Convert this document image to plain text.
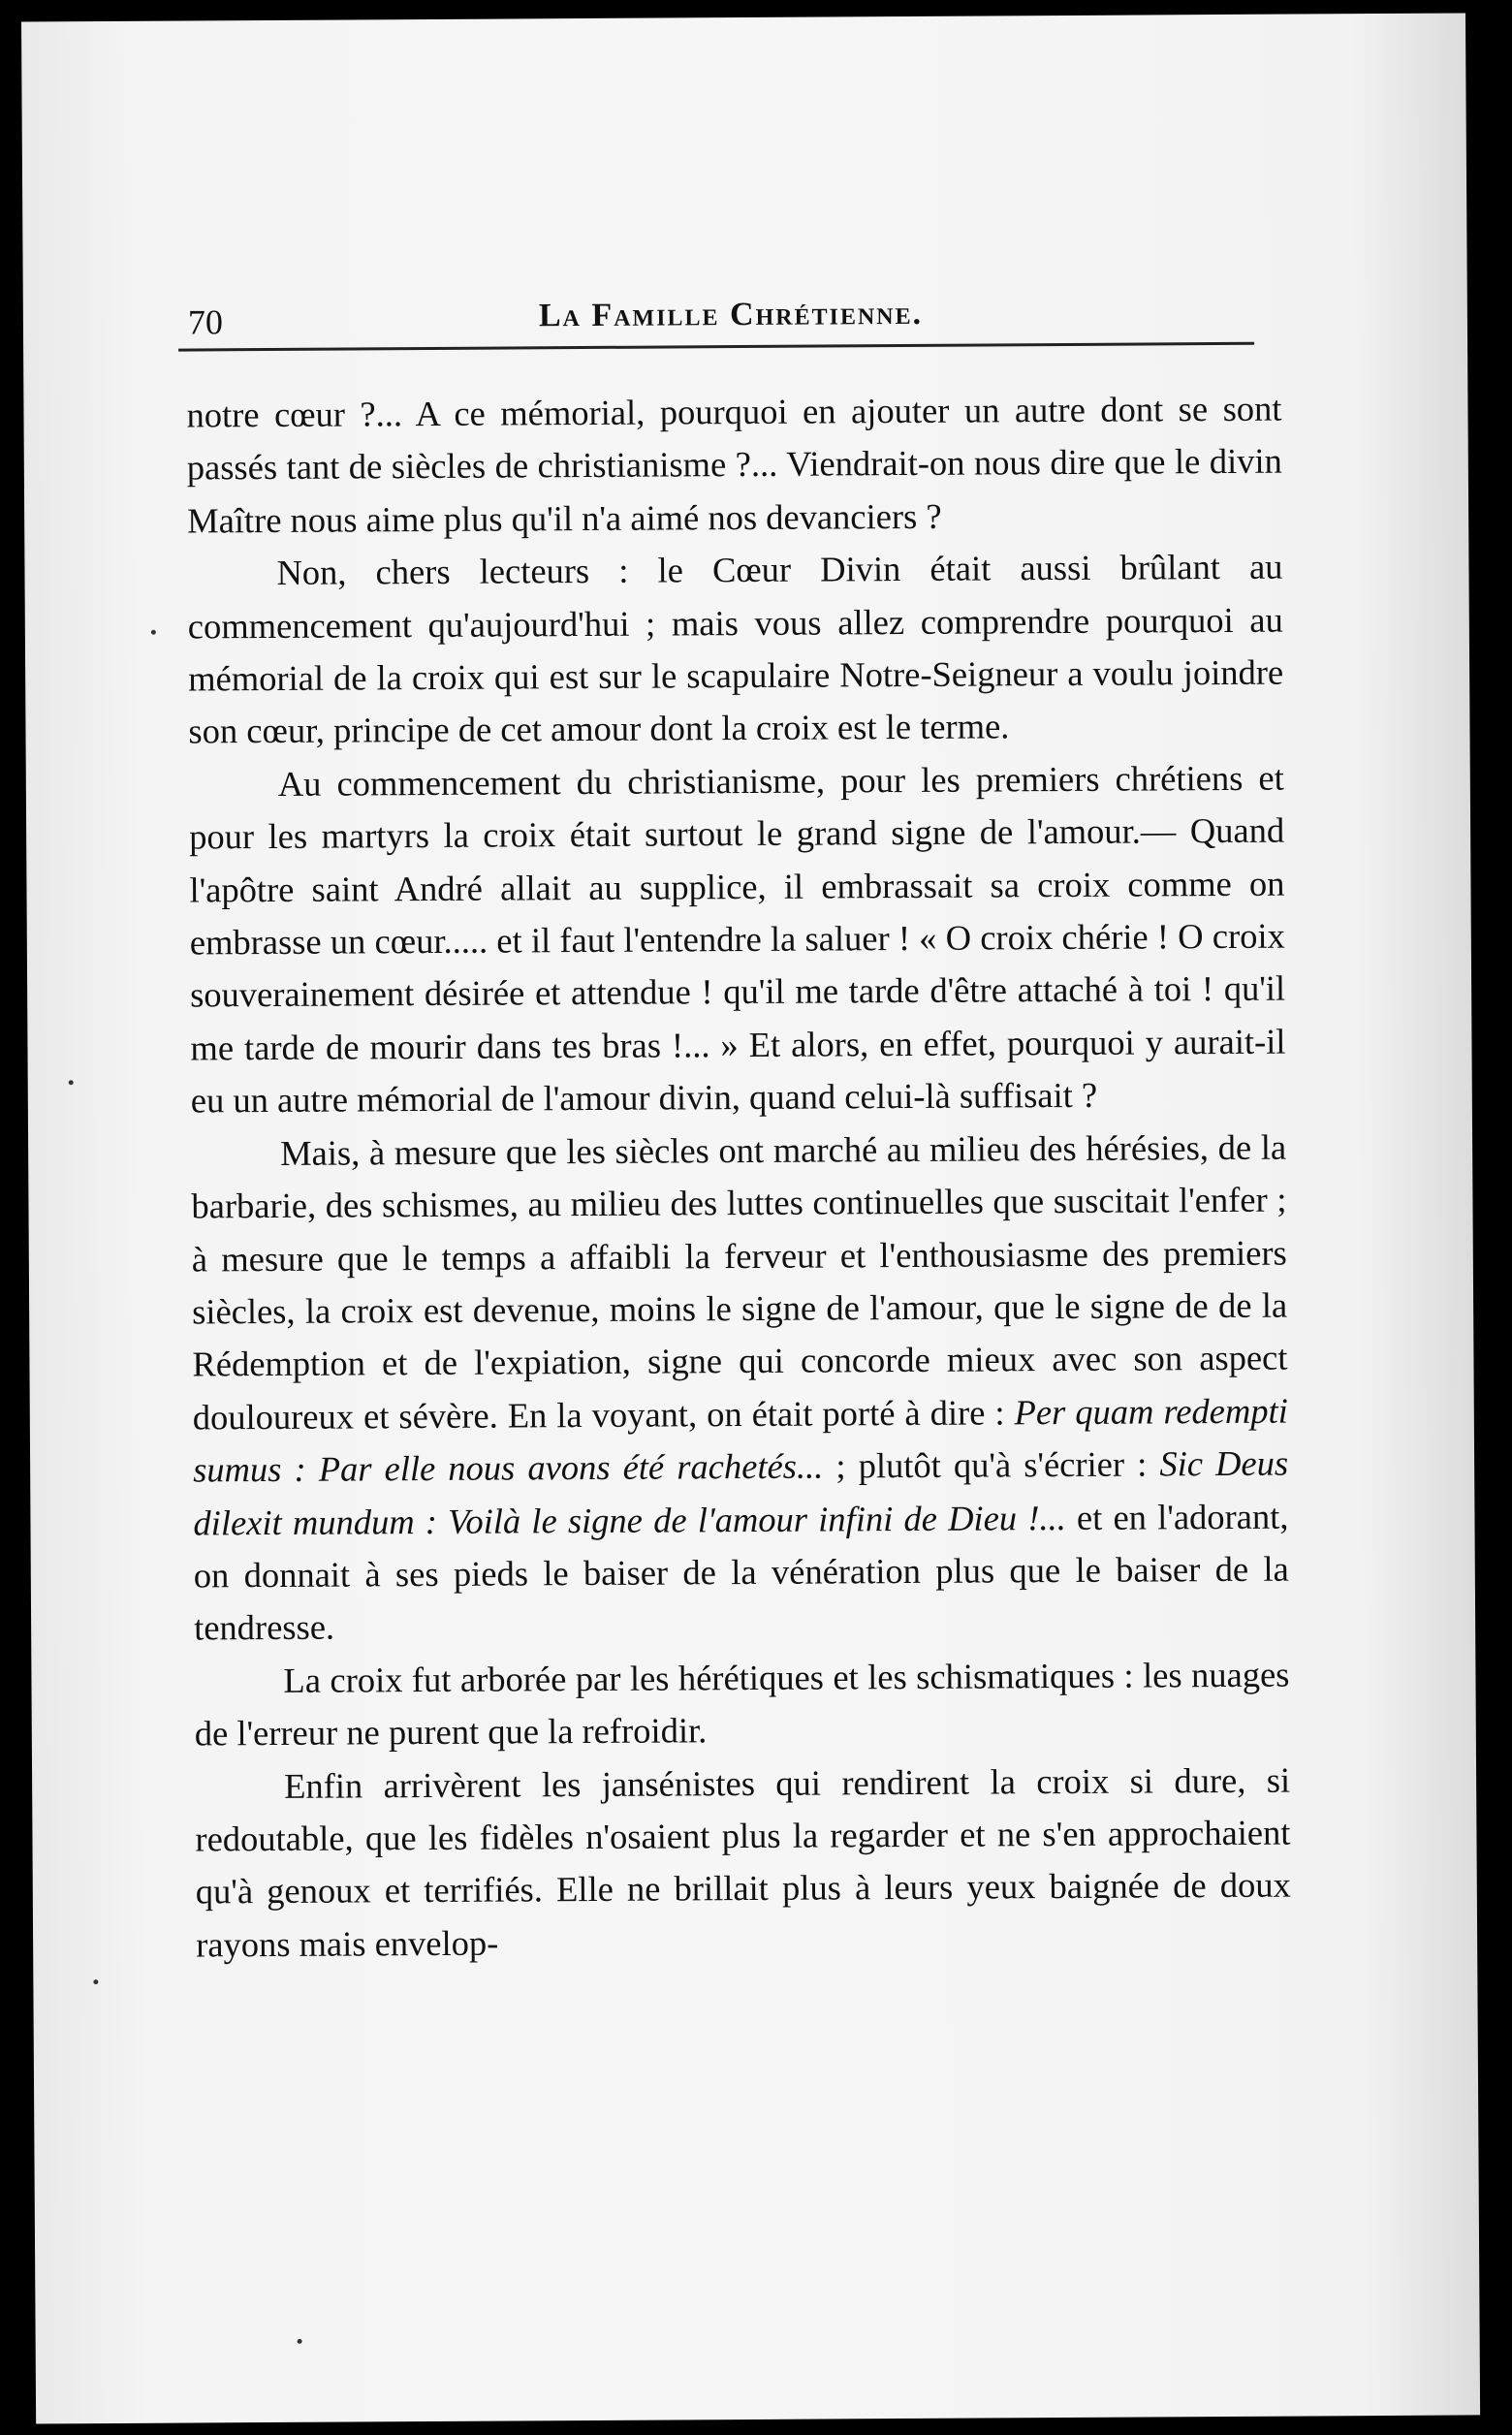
70	La Famille Chrétienne.

notre cœur ?... A ce mémorial, pourquoi en ajouter un autre dont se sont passés tant de siècles de christianisme ?... Viendrait-on nous dire que le divin Maître nous aime plus qu'il n'a aimé nos devanciers ?

Non, chers lecteurs : le Cœur Divin était aussi brûlant au commencement qu'aujourd'hui ; mais vous allez comprendre pourquoi au mémorial de la croix qui est sur le scapulaire Notre-Seigneur a voulu joindre son cœur, principe de cet amour dont la croix est le terme.

Au commencement du christianisme, pour les premiers chrétiens et pour les martyrs la croix était surtout le grand signe de l'amour.— Quand l'apôtre saint André allait au supplice, il embrassait sa croix comme on embrasse un cœur..... et il faut l'entendre la saluer ! « O croix chérie ! O croix souverainement désirée et attendue ! qu'il me tarde d'être attaché à toi ! qu'il me tarde de mourir dans tes bras !... » Et alors, en effet, pourquoi y aurait-il eu un autre mémorial de l'amour divin, quand celui-là suffisait ?

Mais, à mesure que les siècles ont marché au milieu des hérésies, de la barbarie, des schismes, au milieu des luttes continuelles que suscitait l'enfer ; à mesure que le temps a affaibli la ferveur et l'enthousiasme des premiers siècles, la croix est devenue, moins le signe de l'amour, que le signe de de la Rédemption et de l'expiation, signe qui concorde mieux avec son aspect douloureux et sévère. En la voyant, on était porté à dire : Per quam redempti sumus : Par elle nous avons été rachetés... ; plutôt qu'à s'écrier : Sic Deus dilexit mundum : Voilà le signe de l'amour infini de Dieu !... et en l'adorant, on donnait à ses pieds le baiser de la vénération plus que le baiser de la tendresse.

La croix fut arborée par les hérétiques et les schismatiques : les nuages de l'erreur ne purent que la refroidir.

Enfin arrivèrent les jansénistes qui rendirent la croix si dure, si redoutable, que les fidèles n'osaient plus la regarder et ne s'en approchaient qu'à genoux et terrifiés. Elle ne brillait plus à leurs yeux baignée de doux rayons mais envelop-
